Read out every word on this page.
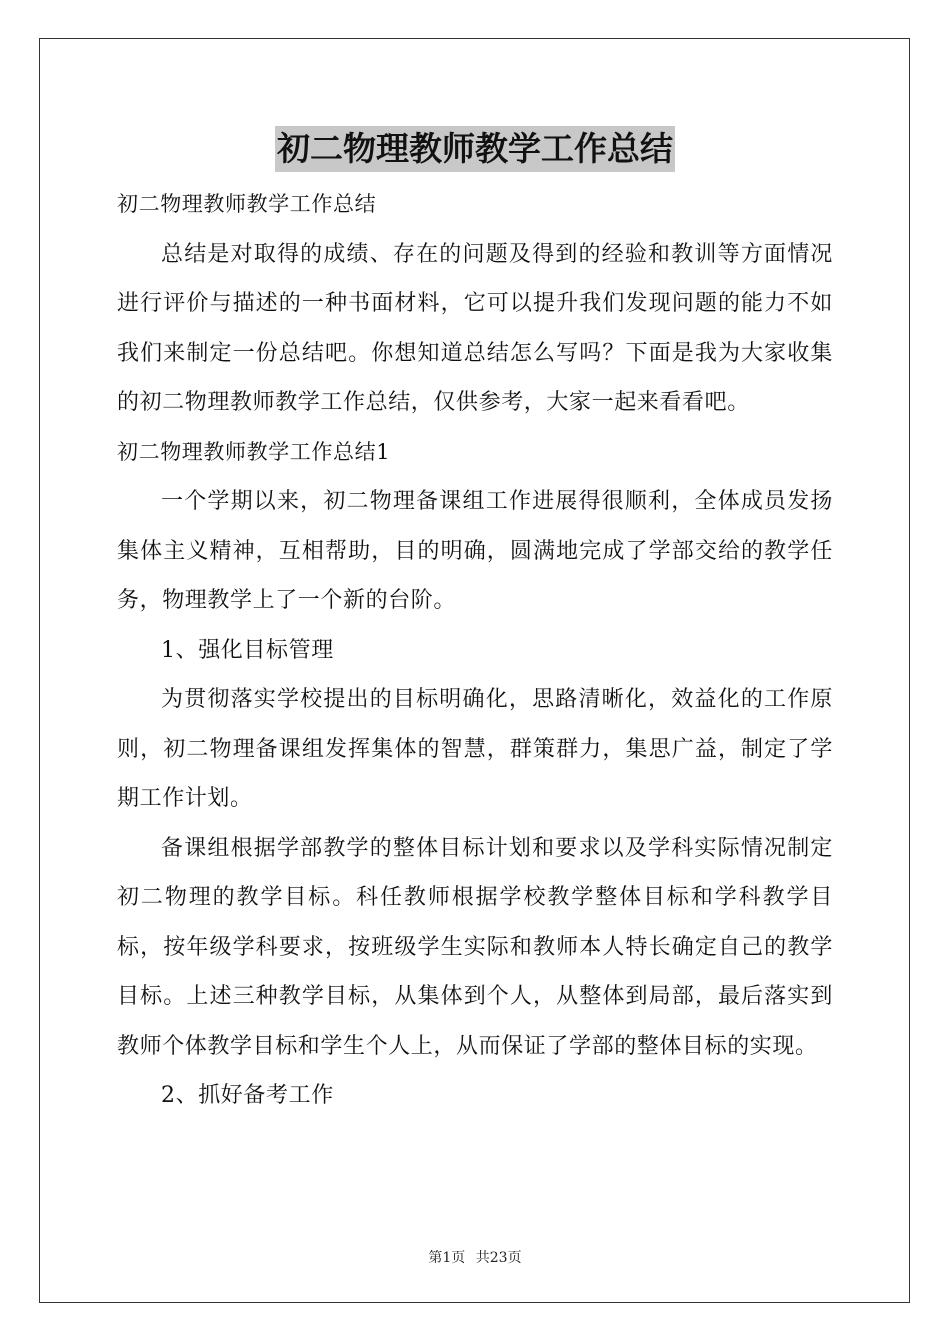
初二物理教师教学工作总结

初二物理教师教学工作总结

总结是对取得的成绩、存在的问题及得到的经验和教训等方面情况进行评价与描述的一种书面材料，它可以提升我们发现问题的能力不如我们来制定一份总结吧。你想知道总结怎么写吗？下面是我为大家收集的初二物理教师教学工作总结，仅供参考，大家一起来看看吧。

初二物理教师教学工作总结1

一个学期以来，初二物理备课组工作进展得很顺利，全体成员发扬集体主义精神，互相帮助，目的明确，圆满地完成了学部交给的教学任务，物理教学上了一个新的台阶。

1、强化目标管理

为贯彻落实学校提出的目标明确化，思路清晰化，效益化的工作原则，初二物理备课组发挥集体的智慧，群策群力，集思广益，制定了学期工作计划。

备课组根据学部教学的整体目标计划和要求以及学科实际情况制定初二物理的教学目标。科任教师根据学校教学整体目标和学科教学目标，按年级学科要求，按班级学生实际和教师本人特长确定自己的教学目标。上述三种教学目标，从集体到个人，从整体到局部，最后落实到教师个体教学目标和学生个人上，从而保证了学部的整体目标的实现。

2、抓好备考工作

第1页 共23页
